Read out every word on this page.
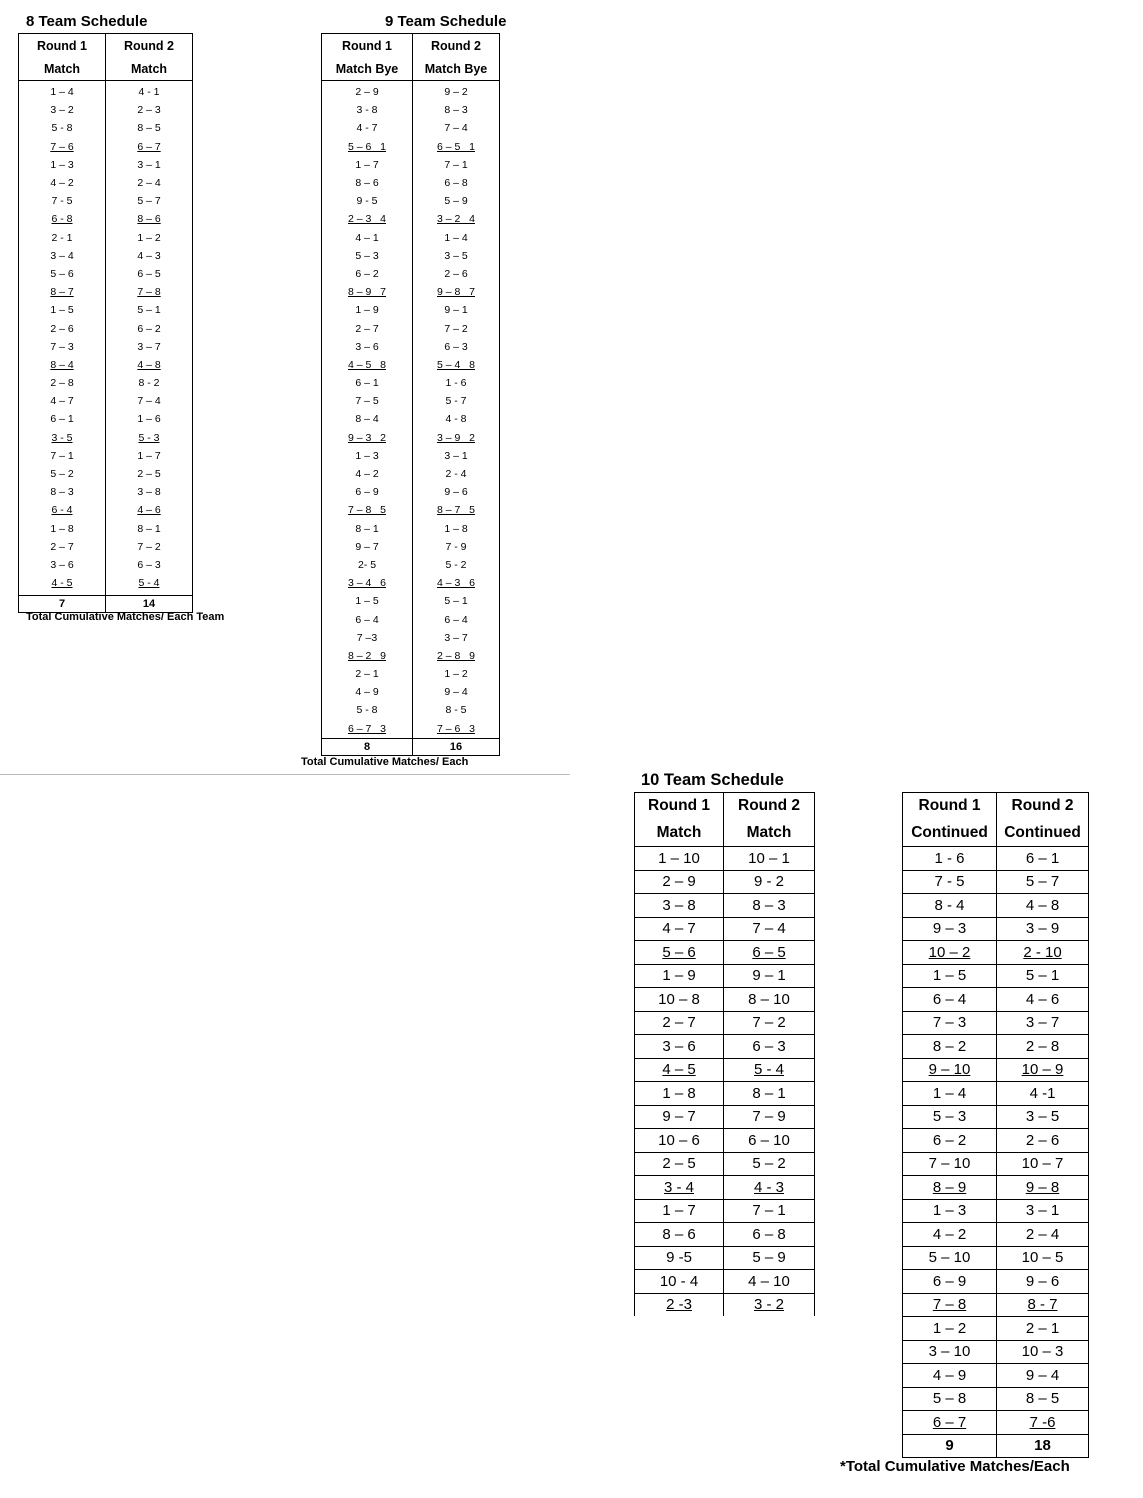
8 Team Schedule
Round 1	Round 2
Match	Match
1 – 4	4 - 1
3 – 2	2 – 3
5 - 8	8 – 5
7 – 6	6 – 7
1 – 3	3 – 1
4 – 2	2 – 4
7 - 5	5 – 7
6 - 8	8 – 6
2 - 1	1 – 2
3 – 4	4 – 3
5 – 6	6 – 5
8 – 7	7 – 8
1 – 5	5 – 1
2 – 6	6 – 2
7 – 3	3 – 7
8 – 4	4 – 8
2 – 8	8 - 2
4 – 7	7 – 4
6 – 1	1 – 6
3 - 5	5 - 3
7 – 1	1 – 7
5 – 2	2 – 5
8 – 3	3 – 8
6 - 4	4 – 6
1 – 8	8 – 1
2 – 7	7 – 2
3 – 6	6 – 3
4 - 5	5 - 4
7	14
Total Cumulative Matches/ Each Team
9 Team Schedule
Round 1	Round 2
Match Bye	Match Bye
2 – 9	9 – 2
3 - 8	8 – 3
4 - 7	7 – 4
5 – 6   1	6 – 5   1
1 – 7	7 – 1
8 – 6	6 – 8
9 - 5	5 – 9
2 – 3   4	3 – 2   4
4 – 1	1 – 4
5 – 3	3 – 5
6 – 2	2 – 6
8 – 9   7	9 – 8   7
1 – 9	9 – 1
2 – 7	7 – 2
3 – 6	6 – 3
4 – 5   8	5 – 4   8
6 – 1	1 - 6
7 – 5	5 - 7
8 – 4	4 - 8
9 – 3   2	3 – 9   2
1 – 3	3 – 1
4 – 2	2 - 4
6 – 9	9 – 6
7 – 8   5	8 – 7   5
8 – 1	1 – 8
9 – 7	7 - 9
2- 5	5 - 2
3 – 4   6	4 – 3   6
1 – 5	5 – 1
6 – 4	6 – 4
7 –3	3 – 7
8 – 2   9	2 – 8   9
2 – 1	1 – 2
4 – 9	9 – 4
5 - 8	8 - 5
6 – 7   3	7 – 6   3
8	16
Total Cumulative Matches/ Each
10 Team Schedule
Round 1	Round 2
Match	Match
1 – 10	10 – 1
2 – 9	9 - 2
3 – 8	8 – 3
4 – 7	7 – 4
5 – 6	6 – 5
1 – 9	9 – 1
10 – 8	8 – 10
2 – 7	7 – 2
3 – 6	6 – 3
4 – 5	5 - 4
1 – 8	8 – 1
9 – 7	7 – 9
10 – 6	6 – 10
2 – 5	5 – 2
3 - 4	4 - 3
1 – 7	7 – 1
8 – 6	6 – 8
9 -5	5 – 9
10 - 4	4 – 10
2 -3	3 - 2
Round 1	Round 2
Continued	Continued
1 - 6	6 – 1
7 - 5	5 – 7
8 - 4	4 – 8
9 – 3	3 – 9
10 – 2	2 - 10
1 – 5	5 – 1
6 – 4	4 – 6
7 – 3	3 – 7
8 – 2	2 – 8
9 – 10	10 – 9
1 – 4	4 -1
5 – 3	3 – 5
6 – 2	2 – 6
7 – 10	10 – 7
8 – 9	9 – 8
1 – 3	3 – 1
4 – 2	2 – 4
5 – 10	10 – 5
6 – 9	9 – 6
7 – 8	8 - 7
1 – 2	2 – 1
3 – 10	10 – 3
4 – 9	9 – 4
5 – 8	8 – 5
6 – 7	7 -6
9	18
*Total Cumulative Matches/Each
